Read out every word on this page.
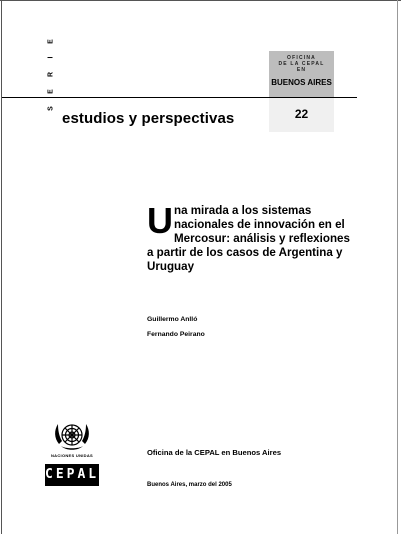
S
E
R
I
E
estudios y perspectivas
OFICINA
DE LA CEPAL
EN
BUENOS AIRES
22
Una mirada a los sistemas nacionales de innovación en el Mercosur: análisis y reflexiones a partir de los casos de Argentina y Uruguay
Guillermo Anlló
Fernando Peirano
NACIONES UNIDAS
CEPAL
Oficina de la CEPAL en Buenos Aires
Buenos Aires, marzo del 2005
